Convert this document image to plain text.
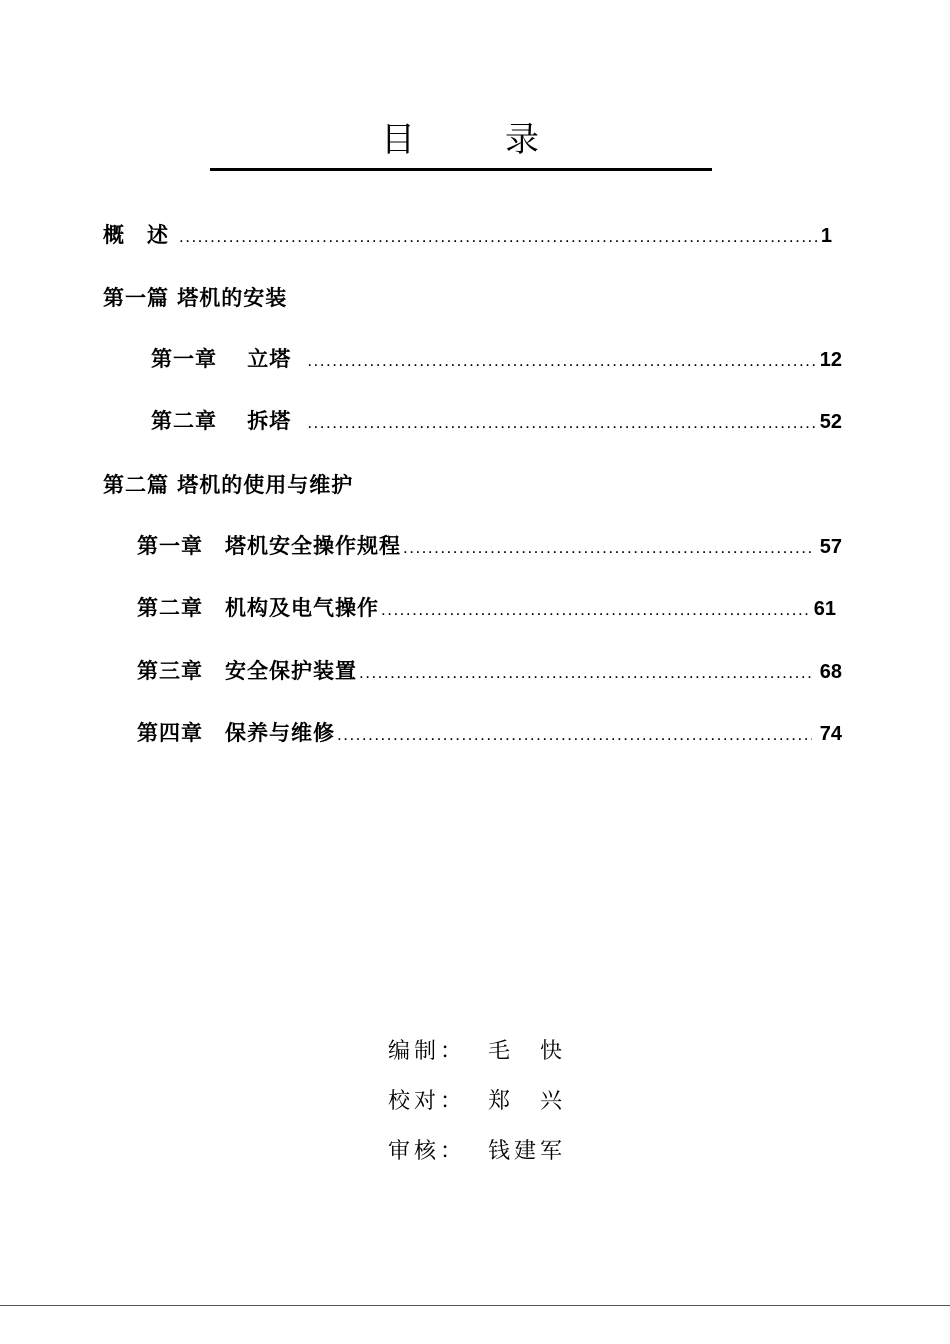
目　录
概　述 .....	1
第一篇 塔机的安装
第一章　 立塔 .....	12
第二章　 拆塔 .....	52
第二篇 塔机的使用与维护
第一章　塔机安全操作规程 .....	57
第二章　机构及电气操作 .....	61
第三章　安全保护装置 .....	68
第四章　保养与维修 .....	74
编制： 毛　快
校对： 郑　兴
审核： 钱建军
